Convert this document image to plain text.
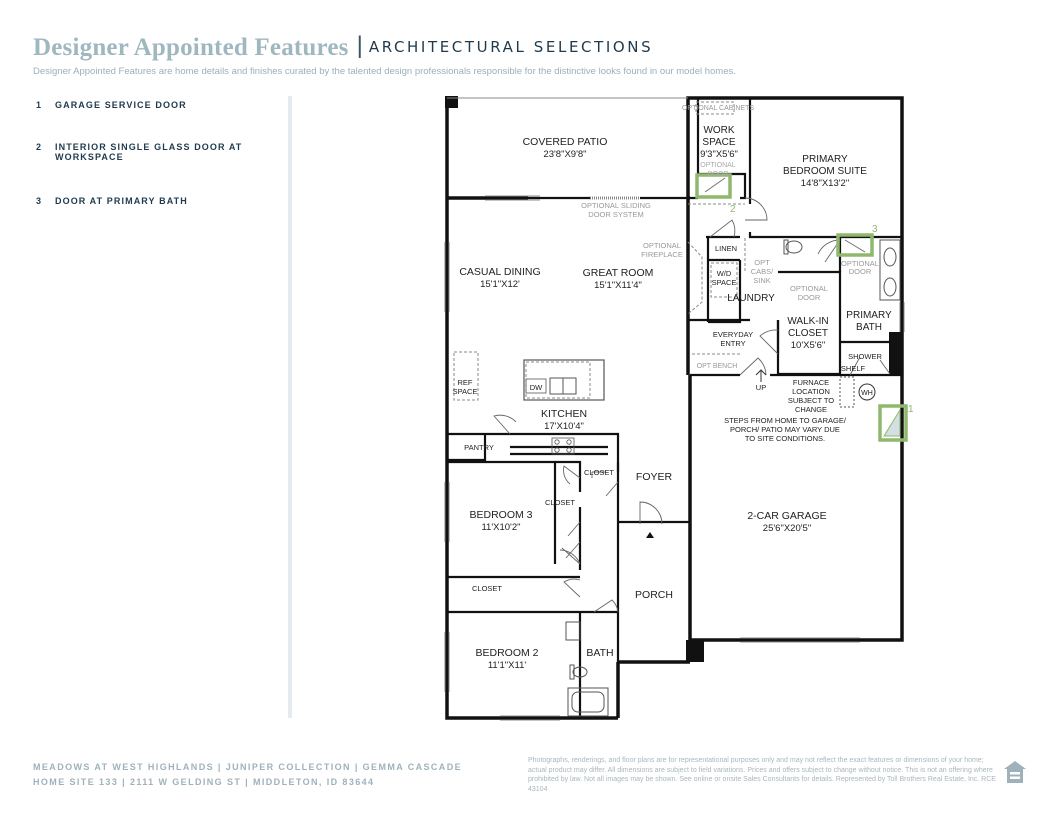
Designer Appointed Features | ARCHITECTURAL SELECTIONS
Designer Appointed Features are home details and finishes curated by the talented design professionals responsible for the distinctive looks found in our model homes.
1	GARAGE SERVICE DOOR
2	INTERIOR SINGLE GLASS DOOR AT WORKSPACE
3	DOOR AT PRIMARY BATH
COVERED PATIO
23'8"X9'8"
OPTIONAL CABINETS
WORK
SPACE
9'3"X5'6"
OPTIONAL
DOOR
PRIMARY
BEDROOM SUITE
14'8"X13'2"
OPTIONAL SLIDING
DOOR SYSTEM
OPTIONAL
FIREPLACE
LINEN
W/D
SPACE
OPT
CABS/
SINK
LAUNDRY
OPTIONAL
DOOR
OPTIONAL
DOOR
WALK-IN
CLOSET
10'X5'6"
PRIMARY
BATH
SHOWER
SHELF
CASUAL DINING
15'1"X12'
GREAT ROOM
15'1"X11'4"
EVERYDAY
ENTRY
OPT BENCH
UP
FURNACE
LOCATION
SUBJECT TO
CHANGE
WH
STEPS FROM HOME TO GARAGE/
PORCH/ PATIO MAY VARY DUE
TO SITE CONDITIONS.
REF
SPACE	DW
KITCHEN
17'X10'4"
PANTRY
CLOSET
CLOSET
FOYER
BEDROOM 3
11'X10'2"
2-CAR GARAGE
25'6"X20'5"
PORCH
CLOSET
BEDROOM 2
11'1"X11'
BATH
1
2
3
MEADOWS AT WEST HIGHLANDS | JUNIPER COLLECTION | GEMMA CASCADE
HOME SITE 133 | 2111 W GELDING ST | MIDDLETON, ID 83644
Photographs, renderings, and floor plans are for representational purposes only and may not reflect the exact features or dimensions of your home; actual product may differ. All dimensions are subject to field variations. Prices and offers subject to change without notice. This is not an offering where prohibited by law. Not all images may be shown. See online or onsite Sales Consultants for details. Represented by Toll Brothers Real Estate, Inc. RCE 43104
